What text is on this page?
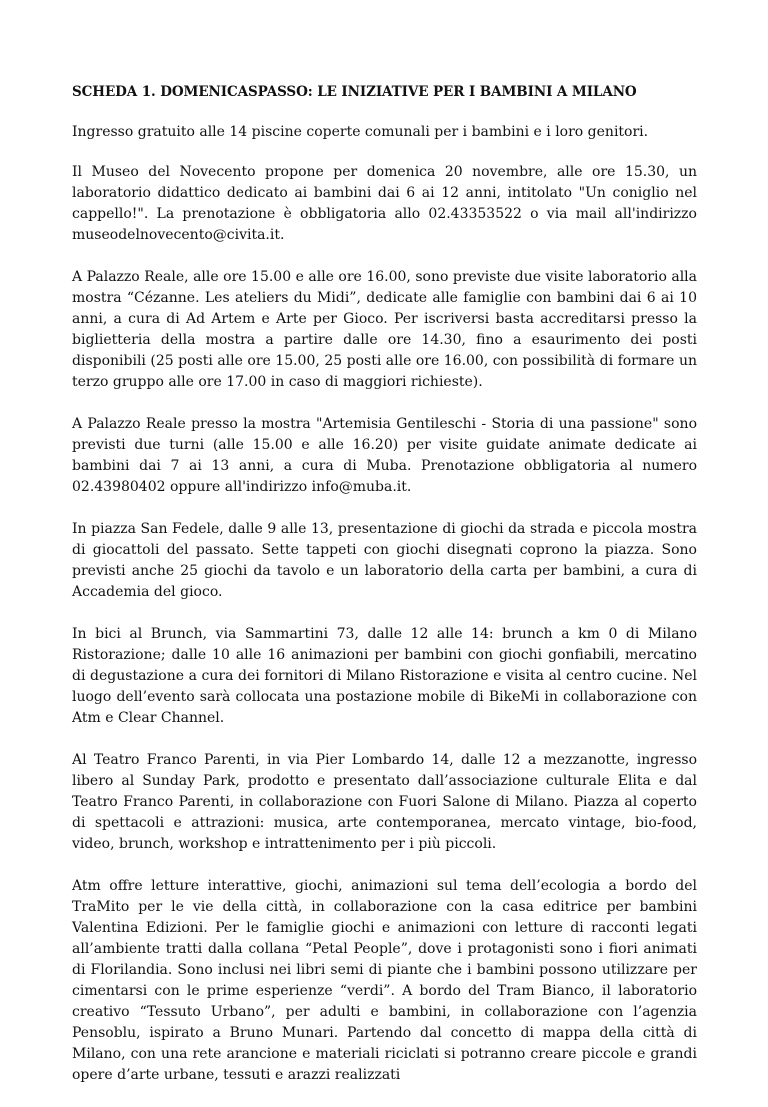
SCHEDA 1. DOMENICASPASSO: LE INIZIATIVE PER I BAMBINI A MILANO

Ingresso gratuito alle 14 piscine coperte comunali per i bambini e i loro genitori.

Il Museo del Novecento propone per domenica 20 novembre, alle ore 15.30, un laboratorio didattico dedicato ai bambini dai 6 ai 12 anni, intitolato "Un coniglio nel cappello!". La prenotazione è obbligatoria allo 02.43353522 o via mail all'indirizzo museodelnovecento@civita.it.

A Palazzo Reale, alle ore 15.00 e alle ore 16.00, sono previste due visite laboratorio alla mostra “Cézanne. Les ateliers du Midi”, dedicate alle famiglie con bambini dai 6 ai 10 anni, a cura di Ad Artem e Arte per Gioco. Per iscriversi basta accreditarsi presso la biglietteria della mostra a partire dalle ore 14.30, fino a esaurimento dei posti disponibili (25 posti alle ore 15.00, 25 posti alle ore 16.00, con possibilità di formare un terzo gruppo alle ore 17.00 in caso di maggiori richieste).

A Palazzo Reale presso la mostra "Artemisia Gentileschi - Storia di una passione" sono previsti due turni (alle 15.00 e alle 16.20) per visite guidate animate dedicate ai bambini dai 7 ai 13 anni, a cura di Muba. Prenotazione obbligatoria al numero 02.43980402 oppure all'indirizzo info@muba.it.

In piazza San Fedele, dalle 9 alle 13, presentazione di giochi da strada e piccola mostra di giocattoli del passato. Sette tappeti con giochi disegnati coprono la piazza. Sono previsti anche 25 giochi da tavolo e un laboratorio della carta per bambini, a cura di Accademia del gioco.

In bici al Brunch, via Sammartini 73, dalle 12 alle 14: brunch a km 0 di Milano Ristorazione; dalle 10 alle 16 animazioni per bambini con giochi gonfiabili, mercatino di degustazione a cura dei fornitori di Milano Ristorazione e visita al centro cucine. Nel luogo dell’evento sarà collocata una postazione mobile di BikeMi in collaborazione con Atm e Clear Channel.

Al Teatro Franco Parenti, in via Pier Lombardo 14, dalle 12 a mezzanotte, ingresso libero al Sunday Park, prodotto e presentato dall’associazione culturale Elita e dal Teatro Franco Parenti, in collaborazione con Fuori Salone di Milano. Piazza al coperto di spettacoli e attrazioni: musica, arte contemporanea, mercato vintage, bio-food, video, brunch, workshop e intrattenimento per i più piccoli.

Atm offre letture interattive, giochi, animazioni sul tema dell’ecologia a bordo del TraMito per le vie della città, in collaborazione con la casa editrice per bambini Valentina Edizioni. Per le famiglie giochi e animazioni con letture di racconti legati all’ambiente tratti dalla collana “Petal People”, dove i protagonisti sono i fiori animati di Florilandia. Sono inclusi nei libri semi di piante che i bambini possono utilizzare per cimentarsi con le prime esperienze “verdi”. A bordo del Tram Bianco, il laboratorio creativo “Tessuto Urbano”, per adulti e bambini, in collaborazione con l’agenzia Pensoblu, ispirato a Bruno Munari. Partendo dal concetto di mappa della città di Milano, con una rete arancione e materiali riciclati si potranno creare piccole e grandi opere d’arte urbane, tessuti e arazzi realizzati
